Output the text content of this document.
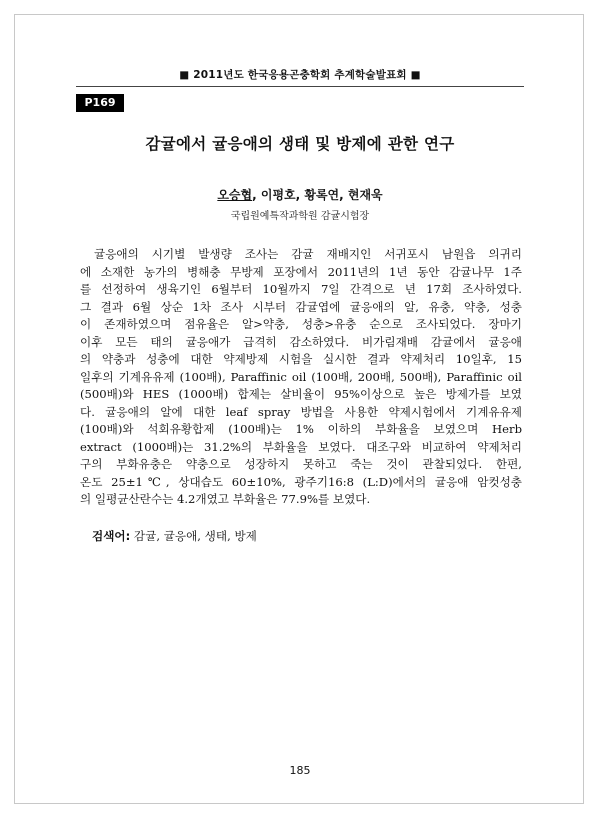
■ 2011년도 한국응용곤충학회 추계학술발표회 ■
P169
감귤에서 귤응애의 생태 및 방제에 관한 연구
오승협, 이평호, 황록연, 현재욱
국립원예특작과학원 감귤시험장
귤응애의 시기별 발생량 조사는 감귤 재배지인 서귀포시 남원읍 의귀리
에 소재한 농가의 병해충 무방제 포장에서 2011년의 1년 동안 감귤나무 1주
를 선정하여 생육기인 6월부터 10월까지 7일 간격으로 년 17회 조사하였다.
그 결과 6월 상순 1차 조사 시부터 감귤엽에 귤응애의 알, 유충, 약충, 성충
이 존재하였으며 점유율은 알>약충, 성충>유충 순으로 조사되었다. 장마기
이후 모든 태의 귤응애가 급격히 감소하였다. 비가림재배 감귤에서 귤응애
의 약충과 성충에 대한 약제방제 시험을 실시한 결과 약제처리 10일후, 15
일후의 기계유유제 (100배), Paraffinic oil (100배, 200배, 500배), Paraffinic oil
(500배)와 HES (1000배) 합제는 살비율이 95%이상으로 높은 방제가를 보였
다. 귤응애의 알에 대한 leaf spray 방법을 사용한 약제시험에서 기계유유제
(100배)와 석회유황합제 (100배)는 1% 이하의 부화율을 보였으며 Herb
extract (1000배)는 31.2%의 부화율을 보였다. 대조구와 비교하여 약제처리
구의 부화유충은 약충으로 성장하지 못하고 죽는 것이 관찰되었다. 한편,
온도 25±1℃, 상대습도 60±10%, 광주기16:8 (L:D)에서의 귤응애 암컷성충
의 일평균산란수는 4.2개였고 부화율은 77.9%를 보였다.
검색어: 감귤, 귤응애, 생태, 방제
185
